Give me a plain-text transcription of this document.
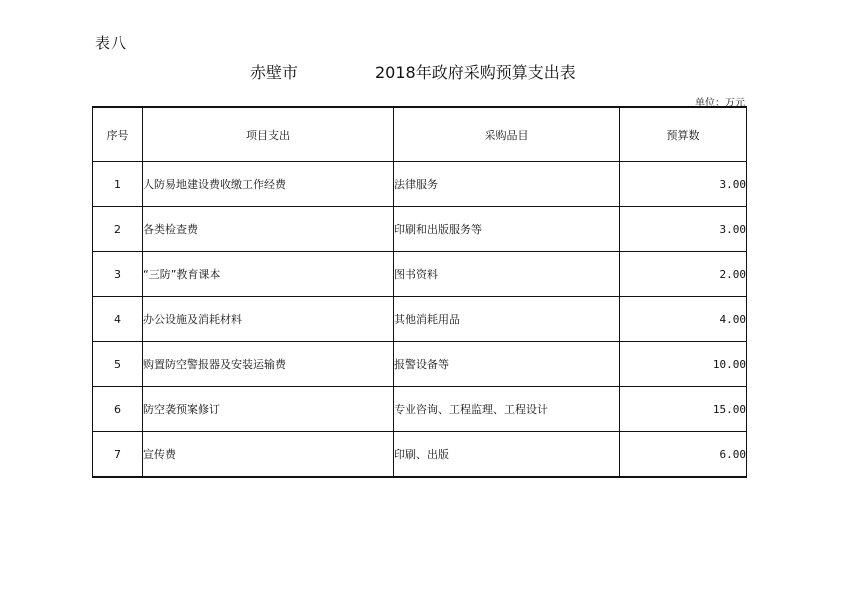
表八
赤壁市	2018年政府采购预算支出表
单位：万元
序号	项目支出	采购品目	预算数
1	人防易地建设费收缴工作经费	法律服务	3.00
2	各类检查费	印刷和出版服务等	3.00
3	“三防”教育课本	图书资料	2.00
4	办公设施及消耗材料	其他消耗用品	4.00
5	购置防空警报器及安装运输费	报警设备等	10.00
6	防空袭预案修订	专业咨询、工程监理、工程设计	15.00
7	宣传费	印刷、出版	6.00
